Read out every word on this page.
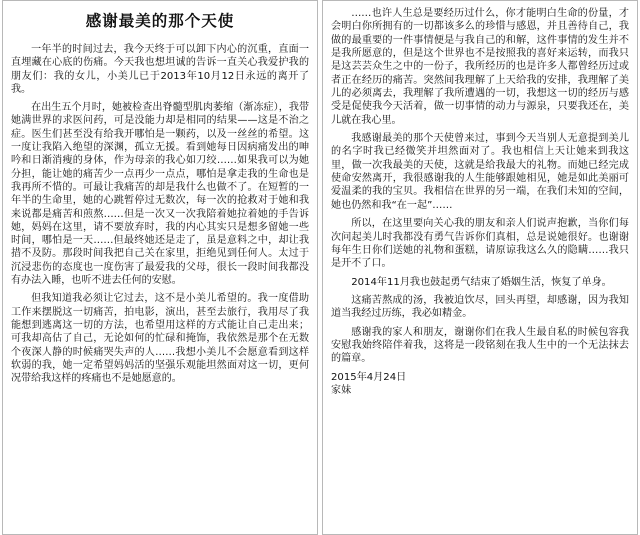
感谢最美的那个天使

一年半的时间过去，我今天终于可以卸下内心的沉重，直面一直埋藏在心底的伤痛。今天我也想坦诚的告诉一直关心我爱护我的朋友们：我的女儿，小美儿已于2013年10月12日永远的离开了我。

在出生五个月时，她被检查出脊髓型肌肉萎缩（渐冻症），我带她满世界的求医问药，可是没能力却是相同的结果——这是不治之症。医生们甚至没有给我开哪怕是一颗药，以及一丝丝的希望。这一度让我陷入绝望的深渊，孤立无援。看到她每日因病痛发出的呻吟和日渐消瘦的身体，作为母亲的我心如刀绞……如果我可以为她分担，能让她的痛苦少一点再少一点点，哪怕是拿走我的生命也是我再所不惜的。可最让我痛苦的却是我什么也做不了。在短暂的一年半的生命里，她的心跳暂停过无数次，每一次的抢救对于她和我来说都是痛苦和煎熬……但是一次又一次我陪着她拉着她的手告诉她，妈妈在这里，请不要放弃时，我的内心其实只是想多留她一些时间，哪怕是一天……但最终她还是走了，虽是意料之中，却让我措不及防。那段时间我把自己关在家里，拒绝见到任何人。太过于沉浸悲伤的态度也一度伤害了最爱我的父母，很长一段时间我都没有办法入睡，也听不进去任何的安慰。

但我知道我必须让它过去，这不是小美儿希望的。我一度借助工作来摆脱这一切痛苦，拍电影，演出，甚至去旅行，我用尽了我能想到逃离这一切的方法，也希望用这样的方式能让自己走出来；可我却高估了自己，无论如何的忙碌和掩饰，我依然是那个在无数个夜深人静的时候痛哭失声的人……我想小美儿不会愿意看到这样软弱的我，她一定希望妈妈活的坚强乐观能坦然面对这一切，更何况带给我这样的疼痛也不是她愿意的。

……也许人生总是要经历过什么，你才能明白生命的份量，才会明白你所拥有的一切都该多么的珍惜与感恩，并且善待自己，我做的最重要的一件事情便是与我自己的和解，这件事情的发生并不是我所愿意的，但是这个世界也不是按照我的喜好来运转，而我只是这芸芸众生之中的一份子，我所经历的也是许多人都曾经历过或者正在经历的痛苦。突然间我理解了上天给我的安排，我理解了美儿的必须离去，我理解了我所遭遇的一切，我想这一切的经历与感受是促使我今天活着，做一切事情的动力与源泉，只要我还在，美儿就在我心里。

我感谢最美的那个天使曾来过，事到今天当别人无意提到美儿的名字时我已经微笑并坦然面对了。我也相信上天让她来到我这里，做一次我最美的天使，这就是给我最大的礼物。而她已经完成使命安然离开，我很感谢我的人生能够跟她相见，她是如此美丽可爱温柔的我的宝贝。我相信在世界的另一端，在我们未知的空间，她也仍然和我“在一起”……

所以，在这里要向关心我的朋友和亲人们说声抱歉，当你们每次问起美儿时我都没有勇气告诉你们真相，总是说她很好。也谢谢每年生日你们送她的礼物和蛋糕，请原谅我这么久的隐瞒……我只是开不了口。

2014年11月我也鼓起勇气结束了婚姻生活，恢复了单身。

这痛苦熬成的汤，我被迫饮尽，回头再望，却感谢，因为我知道当我经过历练，我必如精金。

感谢我的家人和朋友，谢谢你们在我人生最自私的时候包容我安慰我始终陪伴着我，这将是一段铭刻在我人生中的一个无法抹去的篇章。

2015年4月24日

家妹
